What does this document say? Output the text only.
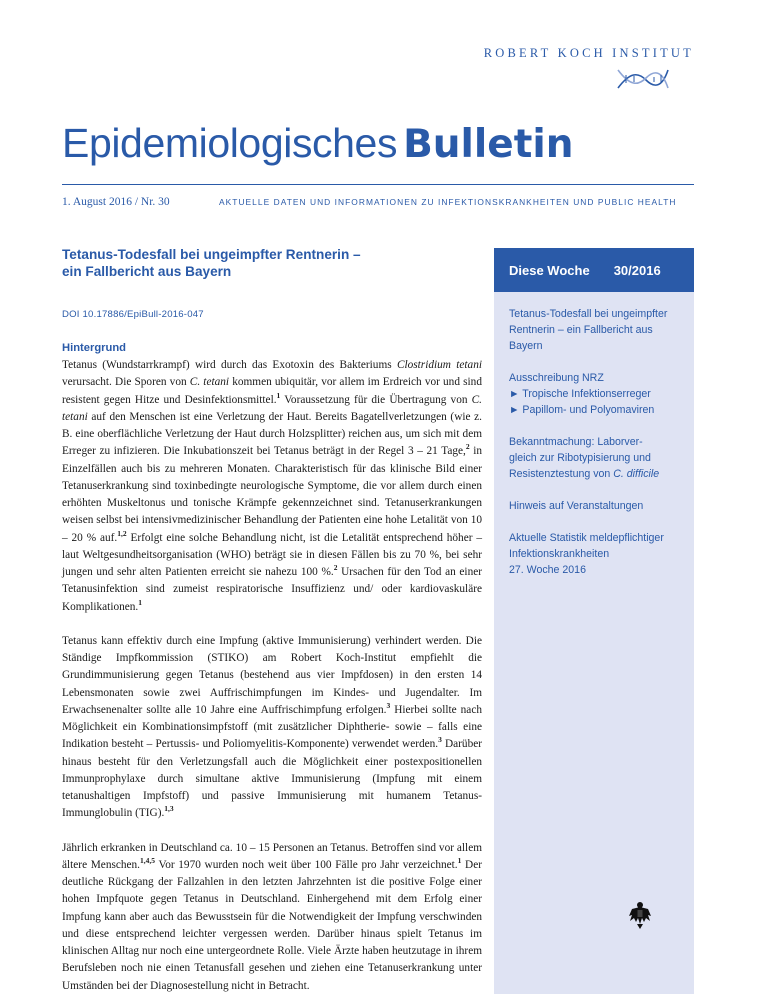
ROBERT KOCH INSTITUT
Epidemiologisches Bulletin
1. August 2016 / Nr. 30	AKTUELLE DATEN UND INFORMATIONEN ZU INFEKTIONSKRANKHEITEN UND PUBLIC HEALTH
Tetanus-Todesfall bei ungeimpfter Rentnerin –
ein Fallbericht aus Bayern
DOI 10.17886/EpiBull-2016-047
Hintergrund

Tetanus (Wundstarrkrampf) wird durch das Exotoxin des Bakteriums Clostridium tetani verursacht. Die Sporen von C. tetani kommen ubiquitär, vor allem im Erdreich vor und sind resistent gegen Hitze und Desinfektionsmittel.$^1$ Voraussetzung für die Übertragung von C. tetani auf den Menschen ist eine Verletzung der Haut. Bereits Bagatellverletzungen (wie z. B. eine oberflächliche Verletzung der Haut durch Holzsplitter) reichen aus, um sich mit dem Erreger zu infizieren. Die Inkubationszeit bei Tetanus beträgt in der Regel 3 – 21 Tage,$^2$ in Einzelfällen auch bis zu mehreren Monaten. Charakteristisch für das klinische Bild einer Tetanuserkrankung sind toxinbedingte neurologische Symptome, die vor allem durch einen erhöhten Muskeltonus und tonische Krämpfe gekennzeichnet sind. Tetanuserkrankungen weisen selbst bei intensivmedizinischer Behandlung der Patienten eine hohe Letalität von 10 – 20 % auf.$^{1,2}$ Erfolgt eine solche Behandlung nicht, ist die Letalität entsprechend höher – laut Weltgesundheitsorganisation (WHO) beträgt sie in diesen Fällen bis zu 70 %, bei sehr jungen und sehr alten Patienten erreicht sie nahezu 100 %.$^2$ Ursachen für den Tod an einer Tetanusinfektion sind zumeist respiratorische Insuffizienz und/ oder kardiovaskuläre Komplikationen.$^1$

Tetanus kann effektiv durch eine Impfung (aktive Immunisierung) verhindert werden. Die Ständige Impfkommission (STIKO) am Robert Koch-Institut empfiehlt die Grundimmunisierung gegen Tetanus (bestehend aus vier Impfdosen) in den ersten 14 Lebensmonaten sowie zwei Auffrischimpfungen im Kindes- und Jugendalter. Im Erwachsenenalter sollte alle 10 Jahre eine Auffrischimpfung erfolgen.$^3$ Hierbei sollte nach Möglichkeit ein Kombinationsimpfstoff (mit zusätzlicher Diphtherie- sowie – falls eine Indikation besteht – Pertussis- und Poliomyelitis-Komponente) verwendet werden.$^3$ Darüber hinaus besteht für den Verletzungsfall auch die Möglichkeit einer postexpositionellen Immunprophylaxe durch simultane aktive Immunisierung (Impfung mit einem tetanushaltigen Impfstoff) und passive Immunisierung mit humanem Tetanus-Immunglobulin (TIG).$^{1,3}$

Jährlich erkranken in Deutschland ca. 10 – 15 Personen an Tetanus. Betroffen sind vor allem ältere Menschen.$^{1,4,5}$ Vor 1970 wurden noch weit über 100 Fälle pro Jahr verzeichnet.$^1$ Der deutliche Rückgang der Fallzahlen in den letzten Jahrzehnten ist die positive Folge einer hohen Impfquote gegen Tetanus in Deutschland. Einhergehend mit dem Erfolg einer Impfung kann aber auch das Bewusstsein für die Notwendigkeit der Impfung verschwinden und diese entsprechend leichter vergessen werden. Darüber hinaus spielt Tetanus im klinischen Alltag nur noch eine untergeordnete Rolle. Viele Ärzte haben heutzutage in ihrem Berufsleben noch nie einen Tetanusfall gesehen und ziehen eine Tetanuserkrankung unter Umständen bei der Diagnosestellung nicht in Betracht.

Diese Woche 30/2016
Tetanus-Todesfall bei ungeimpfter
Rentnerin – ein Fallbericht aus
Bayern
Ausschreibung NRZ
► Tropische Infektionserreger
► Papillom- und Polyomaviren
Bekanntmachung: Laborver-
gleich zur Ribotypisierung und
Resistenztestung von C. difficile
Hinweis auf Veranstaltungen
Aktuelle Statistik meldepflichtiger
Infektionskrankheiten
27. Woche 2016
